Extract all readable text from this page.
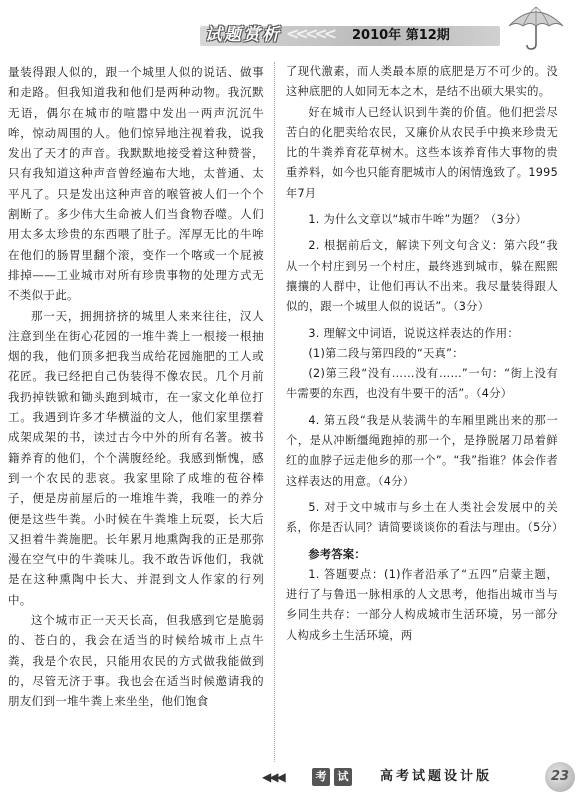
试题赏析 <<<<< 2010年 第12期

量装得跟人似的，跟一个城里人似的说话、做事和走路。但我知道我和他们是两种动物。我沉默无语，偶尔在城市的喧嚣中发出一两声沉沉牛哞，惊动周围的人。他们惊异地注视着我，说我发出了天才的声音。我默默地接受着这种赞誉，只有我知道这种声音曾经遍布大地，太普通、太平凡了。只是发出这种声音的喉管被人们一个个割断了。多少伟大生命被人们当食物吞噬。人们用太多太珍贵的东西喂了肚子。浑厚无比的牛哞在他们的肠胃里翻个滚，变作一个喀或一个屁被排掉——工业城市对所有珍贵事物的处理方式无不类似于此。

那一天，拥拥挤挤的城里人来来往往，汉人注意到坐在街心花园的一堆牛粪上一根接一根抽烟的我，他们顶多把我当成给花园施肥的工人或花匠。我已经把自己伪装得不像农民。几个月前我扔掉铁锨和锄头跑到城市，在一家文化单位打工。我遇到许多才华横溢的文人，他们家里摆着成架成架的书，读过古今中外的所有名著。被书籍养育的他们，个个满腹经纶。我感到惭愧，感到一个农民的悲哀。我家里除了成堆的苞谷棒子，便是房前屋后的一堆堆牛粪，我唯一的养分便是这些牛粪。小时候在牛粪堆上玩耍，长大后又担着牛粪施肥。长年累月地熏陶我的正是那弥漫在空气中的牛粪味儿。我不敢告诉他们，我就是在这种熏陶中长大、并混到文人作家的行列中。

这个城市正一天天长高，但我感到它是脆弱的、苍白的，我会在适当的时候给城市上点牛粪，我是个农民，只能用农民的方式做我能做到的，尽管无济于事。我也会在适当时候邀请我的朋友们到一堆牛粪上来坐坐，他们饱食

了现代激素，而人类最本原的底肥是万不可少的。没这种底肥的人如同无本之木，是结不出硕大果实的。

好在城市人已经认识到牛粪的价值。他们把尝尽苦白的化肥卖给农民，又廉价从农民手中换来珍贵无比的牛粪养育花草树木。这些本该养育伟大事物的贵重养料，如今也只能育肥城市人的闲情逸致了。1995年7月

1. 为什么文章以“城市牛哞”为题？（3分）

2. 根据前后文，解读下列文句含义：第六段“我从一个村庄到另一个村庄，最终逃到城市，躲在熙熙攘攘的人群中，让他们再认不出来。我尽量装得跟人似的，跟一个城里人似的说话”。（3分）

3. 理解文中词语，说说这样表达的作用：

(1)第二段与第四段的“天真”：

(2)第三段“没有……没有……”一句：“街上没有牛需要的东西，也没有牛要干的活”。（4分）

4. 第五段“我是从装满牛的车厢里跳出来的那一个，是从冲断缰绳跑掉的那一个，是挣脱屠刀昂着鲜红的血脖子远走他乡的那一个”。“我”指谁？体会作者这样表达的用意。（4分）

5. 对于文中城市与乡土在人类社会发展中的关系，你是否认同？请简要谈谈你的看法与理由。（5分）

参考答案：

1. 答题要点：(1)作者沿承了“五四”启蒙主题，进行了与鲁迅一脉相承的人文思考，他指出城市当与乡同生共存：一部分人构成城市生活环境，另一部分人构成乡土生活环境，两

◀◀◀	考	试 高考试题设计版	23
